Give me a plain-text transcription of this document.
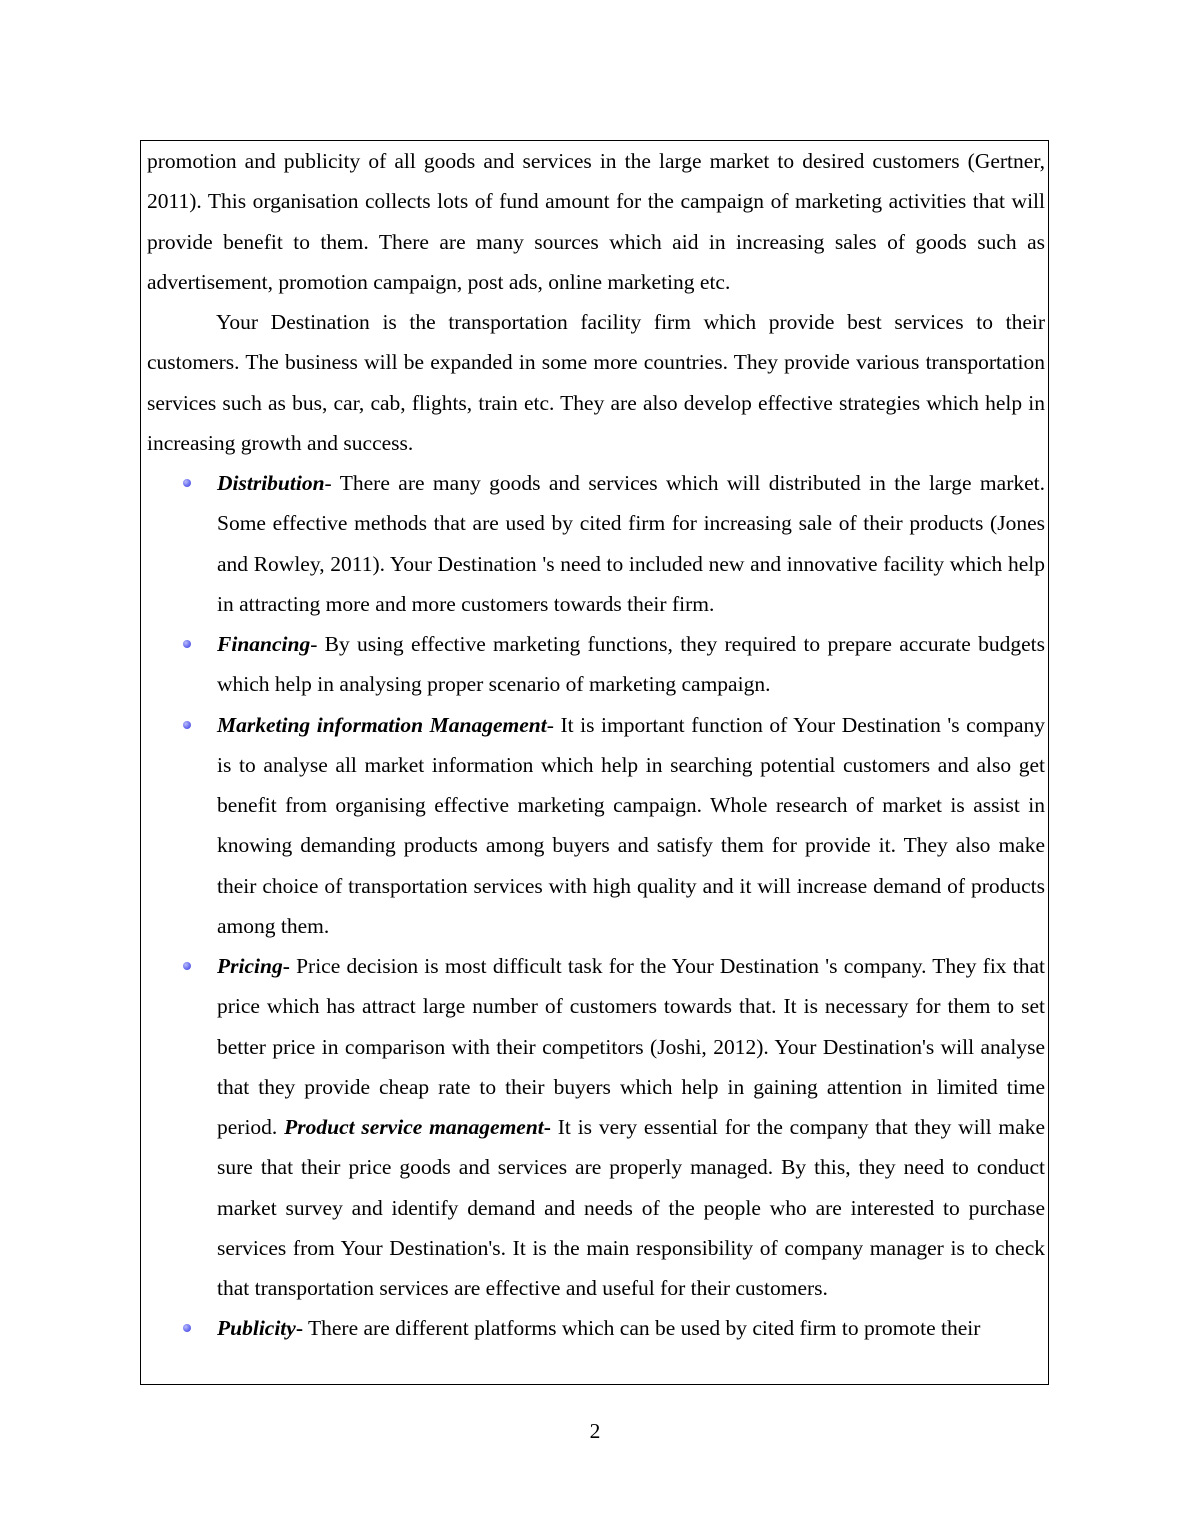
promotion and publicity of all goods and services in the large market to desired customers (Gertner, 2011). This organisation collects lots of fund amount for the campaign of marketing activities that will provide benefit to them. There are many sources which aid in increasing sales of goods such as advertisement, promotion campaign, post ads, online marketing etc.

Your Destination is the transportation facility firm which provide best services to their customers. The business will be expanded in some more countries. They provide various transportation services such as bus, car, cab, flights, train etc. They are also develop effective strategies which help in increasing growth and success.

Distribution- There are many goods and services which will distributed in the large market. Some effective methods that are used by cited firm for increasing sale of their products (Jones and Rowley, 2011). Your Destination 's need to included new and innovative facility which help in attracting more and more customers towards their firm.
Financing- By using effective marketing functions, they required to prepare accurate budgets which help in analysing proper scenario of marketing campaign.
Marketing information Management- It is important function of Your Destination 's company is to analyse all market information which help in searching potential customers and also get benefit from organising effective marketing campaign. Whole research of market is assist in knowing demanding products among buyers and satisfy them for provide it. They also make their choice of transportation services with high quality and it will increase demand of products among them.
Pricing- Price decision is most difficult task for the Your Destination 's company. They fix that price which has attract large number of customers towards that. It is necessary for them to set better price in comparison with their competitors (Joshi, 2012). Your Destination's will analyse that they provide cheap rate to their buyers which help in gaining attention in limited time period. Product service management- It is very essential for the company that they will make sure that their price goods and services are properly managed. By this, they need to conduct market survey and identify demand and needs of the people who are interested to purchase services from Your Destination's. It is the main responsibility of company manager is to check that transportation services are effective and useful for their customers.
Publicity- There are different platforms which can be used by cited firm to promote their
2
